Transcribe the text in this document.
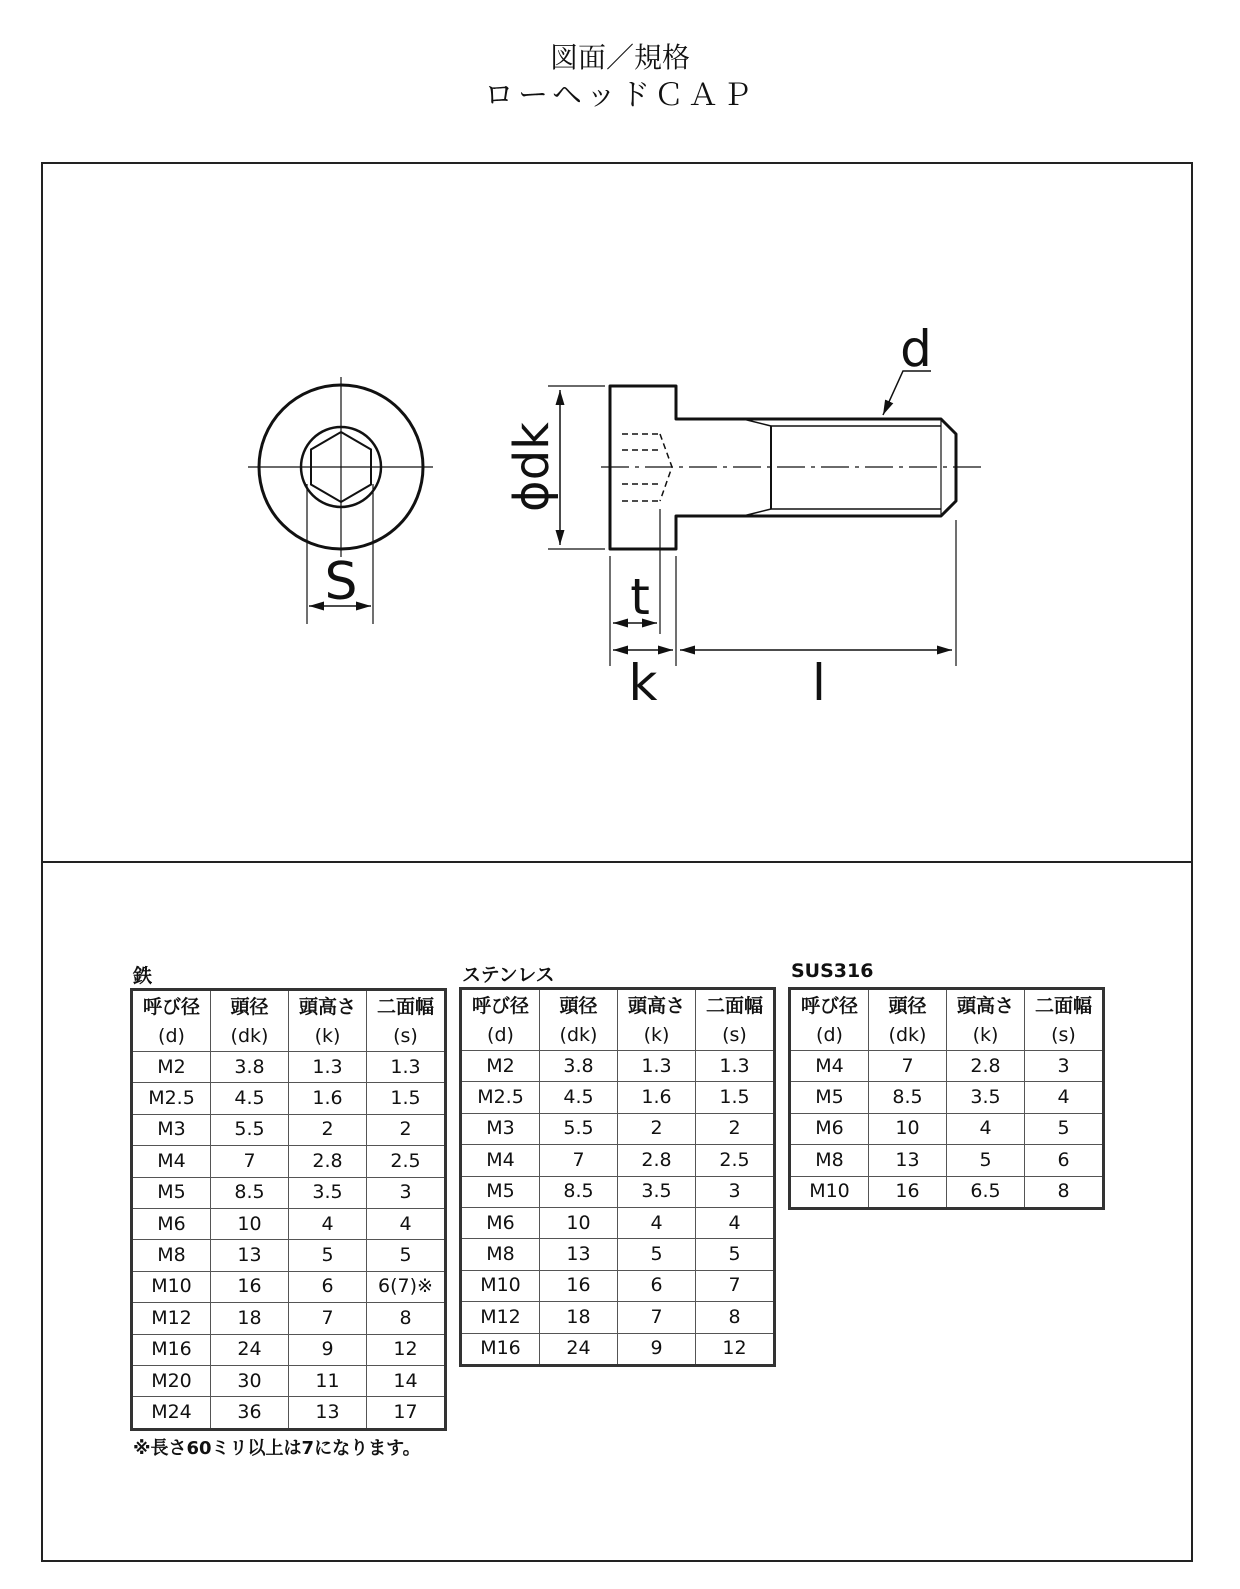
図面／規格
ローヘッドＣＡＰ
S	t
k	l
d
ϕdk
鉄
呼び径	頭径	頭高さ	二面幅
(d)	(dk)	(k)	(s)
M2	3.8	1.3	1.3
M2.5	4.5	1.6	1.5
M3	5.5	2	2
M4	7	2.8	2.5
M5	8.5	3.5	3
M6	10	4	4
M8	13	5	5
M10	16	6	6(7)※
M12	18	7	8
M16	24	9	12
M20	30	11	14
M24	36	13	17
※長さ60ミリ以上は7になります。
ステンレス
呼び径	頭径	頭高さ	二面幅
(d)	(dk)	(k)	(s)
M2	3.8	1.3	1.3
M2.5	4.5	1.6	1.5
M3	5.5	2	2
M4	7	2.8	2.5
M5	8.5	3.5	3
M6	10	4	4
M8	13	5	5
M10	16	6	7
M12	18	7	8
M16	24	9	12
SUS316
呼び径	頭径	頭高さ	二面幅
(d)	(dk)	(k)	(s)
M4	7	2.8	3
M5	8.5	3.5	4
M6	10	4	5
M8	13	5	6
M10	16	6.5	8
